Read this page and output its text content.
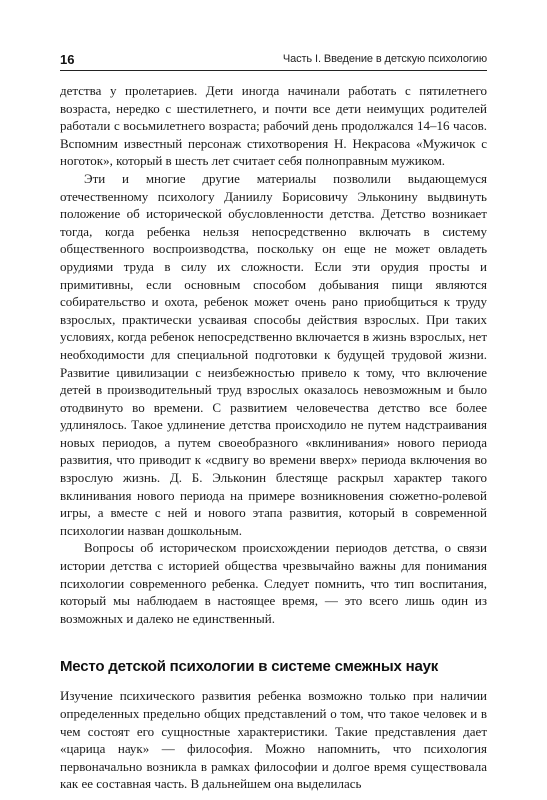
16	Часть I. Введение в детскую психологию

детства у пролетариев. Дети иногда начинали работать с пятилетнего возраста, нередко с шестилетнего, и почти все дети неимущих родителей работали с восьмилетнего возраста; рабочий день продолжался 14–16 часов. Вспомним известный персонаж стихотворения Н. Некрасова «Мужичок с ноготок», который в шесть лет считает себя полноправным мужиком.

Эти и многие другие материалы позволили выдающемуся отечественному психологу Даниилу Борисовичу Эльконину выдвинуть положение об исторической обусловленности детства. Детство возникает тогда, когда ребенка нельзя непосредственно включать в систему общественного воспроизводства, поскольку он еще не может овладеть орудиями труда в силу их сложности. Если эти орудия просты и примитивны, если основным способом добывания пищи являются собирательство и охота, ребенок может очень рано приобщиться к труду взрослых, практически усваивая способы действия взрослых. При таких условиях, когда ребенок непосредственно включается в жизнь взрослых, нет необходимости для специальной подготовки к будущей трудовой жизни. Развитие цивилизации с неизбежностью привело к тому, что включение детей в производительный труд взрослых оказалось невозможным и было отодвинуто во времени. С развитием человечества детство все более удлинялось. Такое удлинение детства происходило не путем надстраивания новых периодов, а путем своеобразного «вклинивания» нового периода развития, что приводит к «сдвигу во времени вверх» периода включения во взрослую жизнь. Д. Б. Эльконин блестяще раскрыл характер такого вклинивания нового периода на примере возникновения сюжетно-ролевой игры, а вместе с ней и нового этапа развития, который в современной психологии назван дошкольным.

Вопросы об историческом происхождении периодов детства, о связи истории детства с историей общества чрезвычайно важны для понимания психологии современного ребенка. Следует помнить, что тип воспитания, который мы наблюдаем в настоящее время, — это всего лишь один из возможных и далеко не единственный.

Место детской психологии в системе смежных наук

Изучение психического развития ребенка возможно только при наличии определенных предельно общих представлений о том, что такое человек и в чем состоят его сущностные характеристики. Такие представления дает «царица наук» — философия. Можно напомнить, что психология первоначально возникла в рамках философии и долгое время существовала как ее составная часть. В дальнейшем она выделилась
